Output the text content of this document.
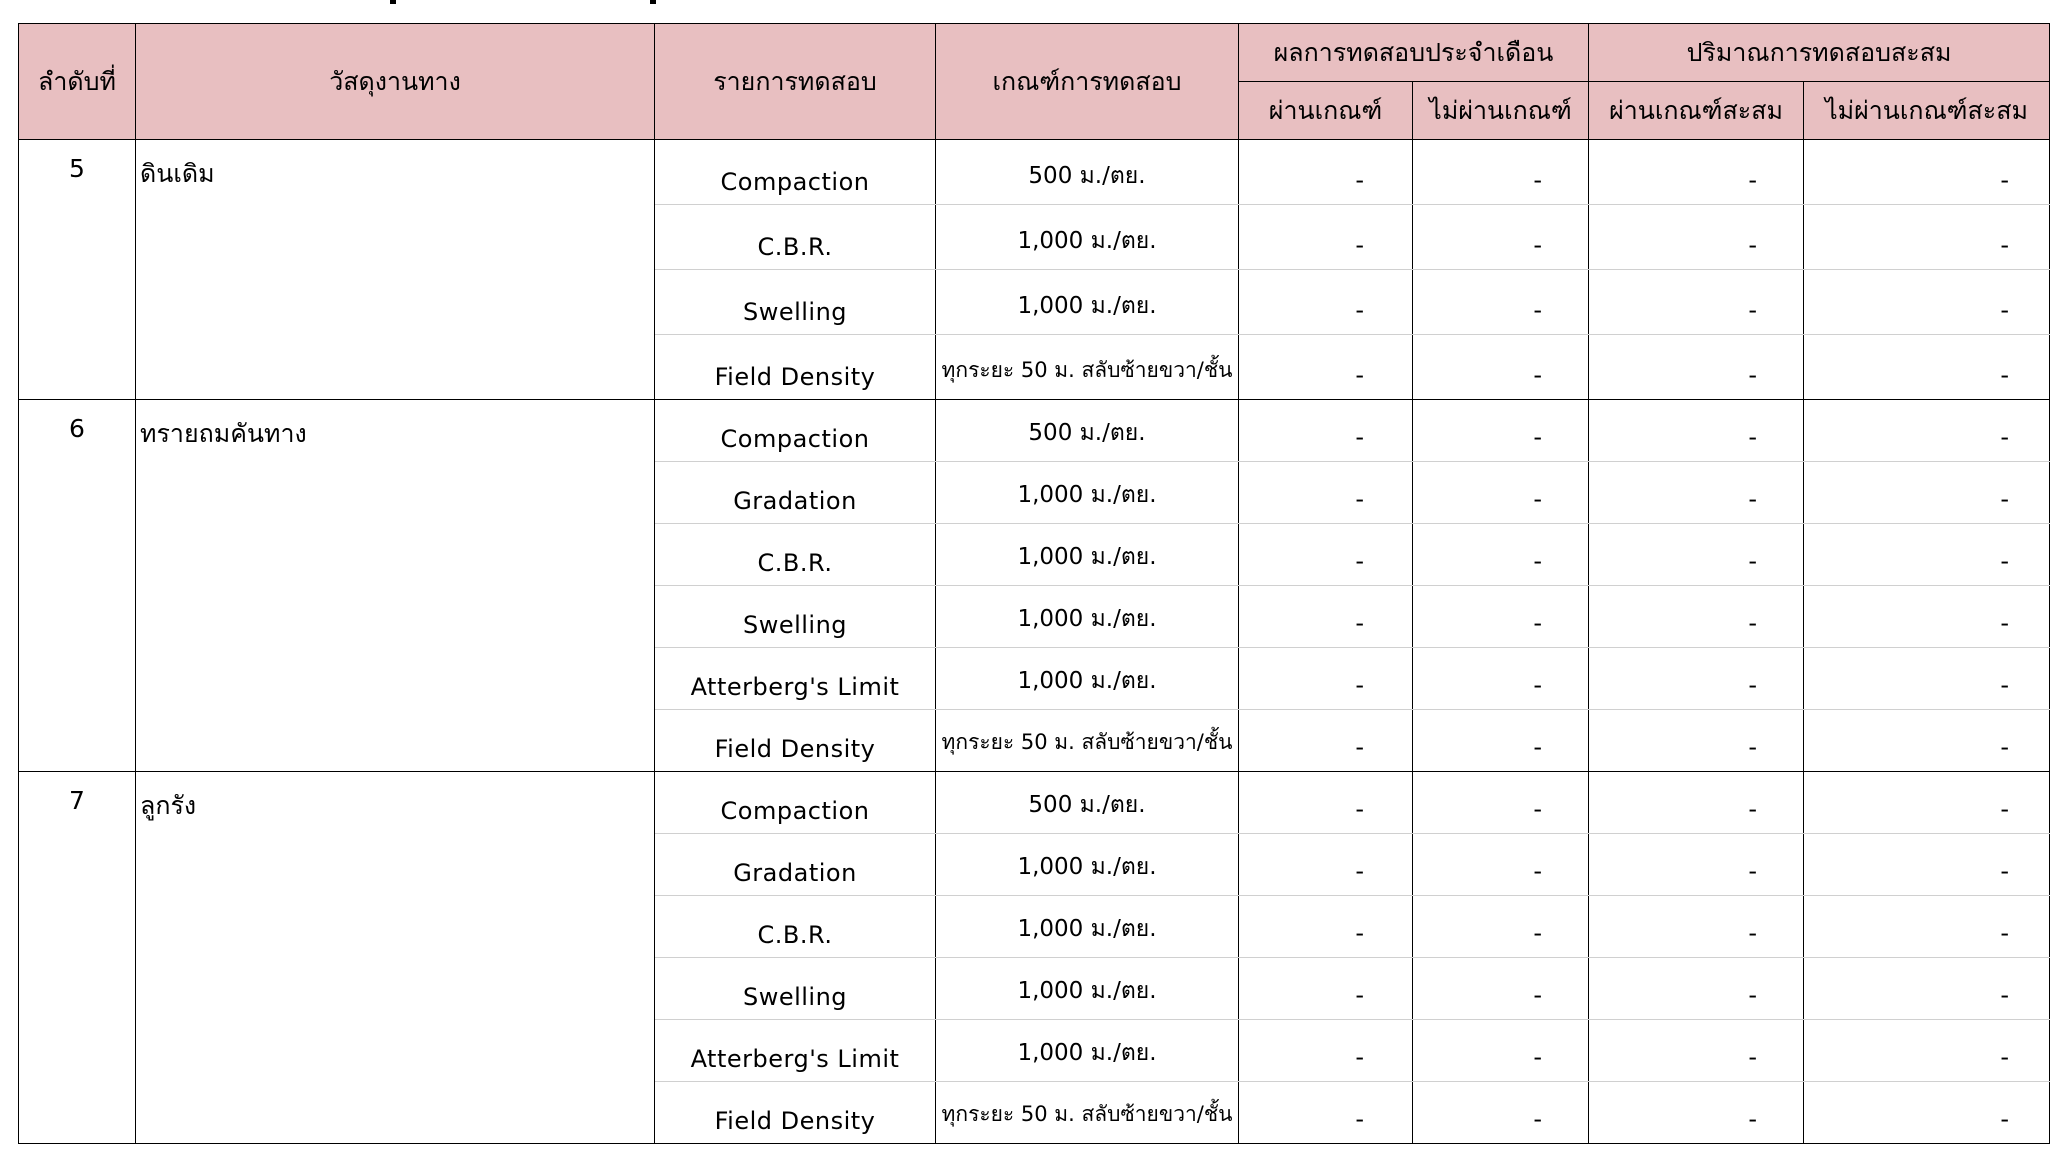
ลำดับที่	วัสดุงานทาง	รายการทดสอบ	เกณฑ์การทดสอบ	ผลการทดสอบประจำเดือน		ปริมาณการทดสอบสะสม	
				ผ่านเกณฑ์	ไม่ผ่านเกณฑ์	ผ่านเกณฑ์สะสม	ไม่ผ่านเกณฑ์สะสม
5	ดินเดิม	Compaction	500 ม./ตย.	-	-	-	-
		C.B.R.	1,000 ม./ตย.	-	-	-	-
		Swelling	1,000 ม./ตย.	-	-	-	-
		Field Density	ทุกระยะ 50 ม. สลับซ้ายขวา/ชั้น	-	-	-	-
6	ทรายถมคันทาง	Compaction	500 ม./ตย.	-	-	-	-
		Gradation	1,000 ม./ตย.	-	-	-	-
		C.B.R.	1,000 ม./ตย.	-	-	-	-
		Swelling	1,000 ม./ตย.	-	-	-	-
		Atterberg's Limit	1,000 ม./ตย.	-	-	-	-
		Field Density	ทุกระยะ 50 ม. สลับซ้ายขวา/ชั้น	-	-	-	-
7	ลูกรัง	Compaction	500 ม./ตย.	-	-	-	-
		Gradation	1,000 ม./ตย.	-	-	-	-
		C.B.R.	1,000 ม./ตย.	-	-	-	-
		Swelling	1,000 ม./ตย.	-	-	-	-
		Atterberg's Limit	1,000 ม./ตย.	-	-	-	-
		Field Density	ทุกระยะ 50 ม. สลับซ้ายขวา/ชั้น	-	-	-	-
